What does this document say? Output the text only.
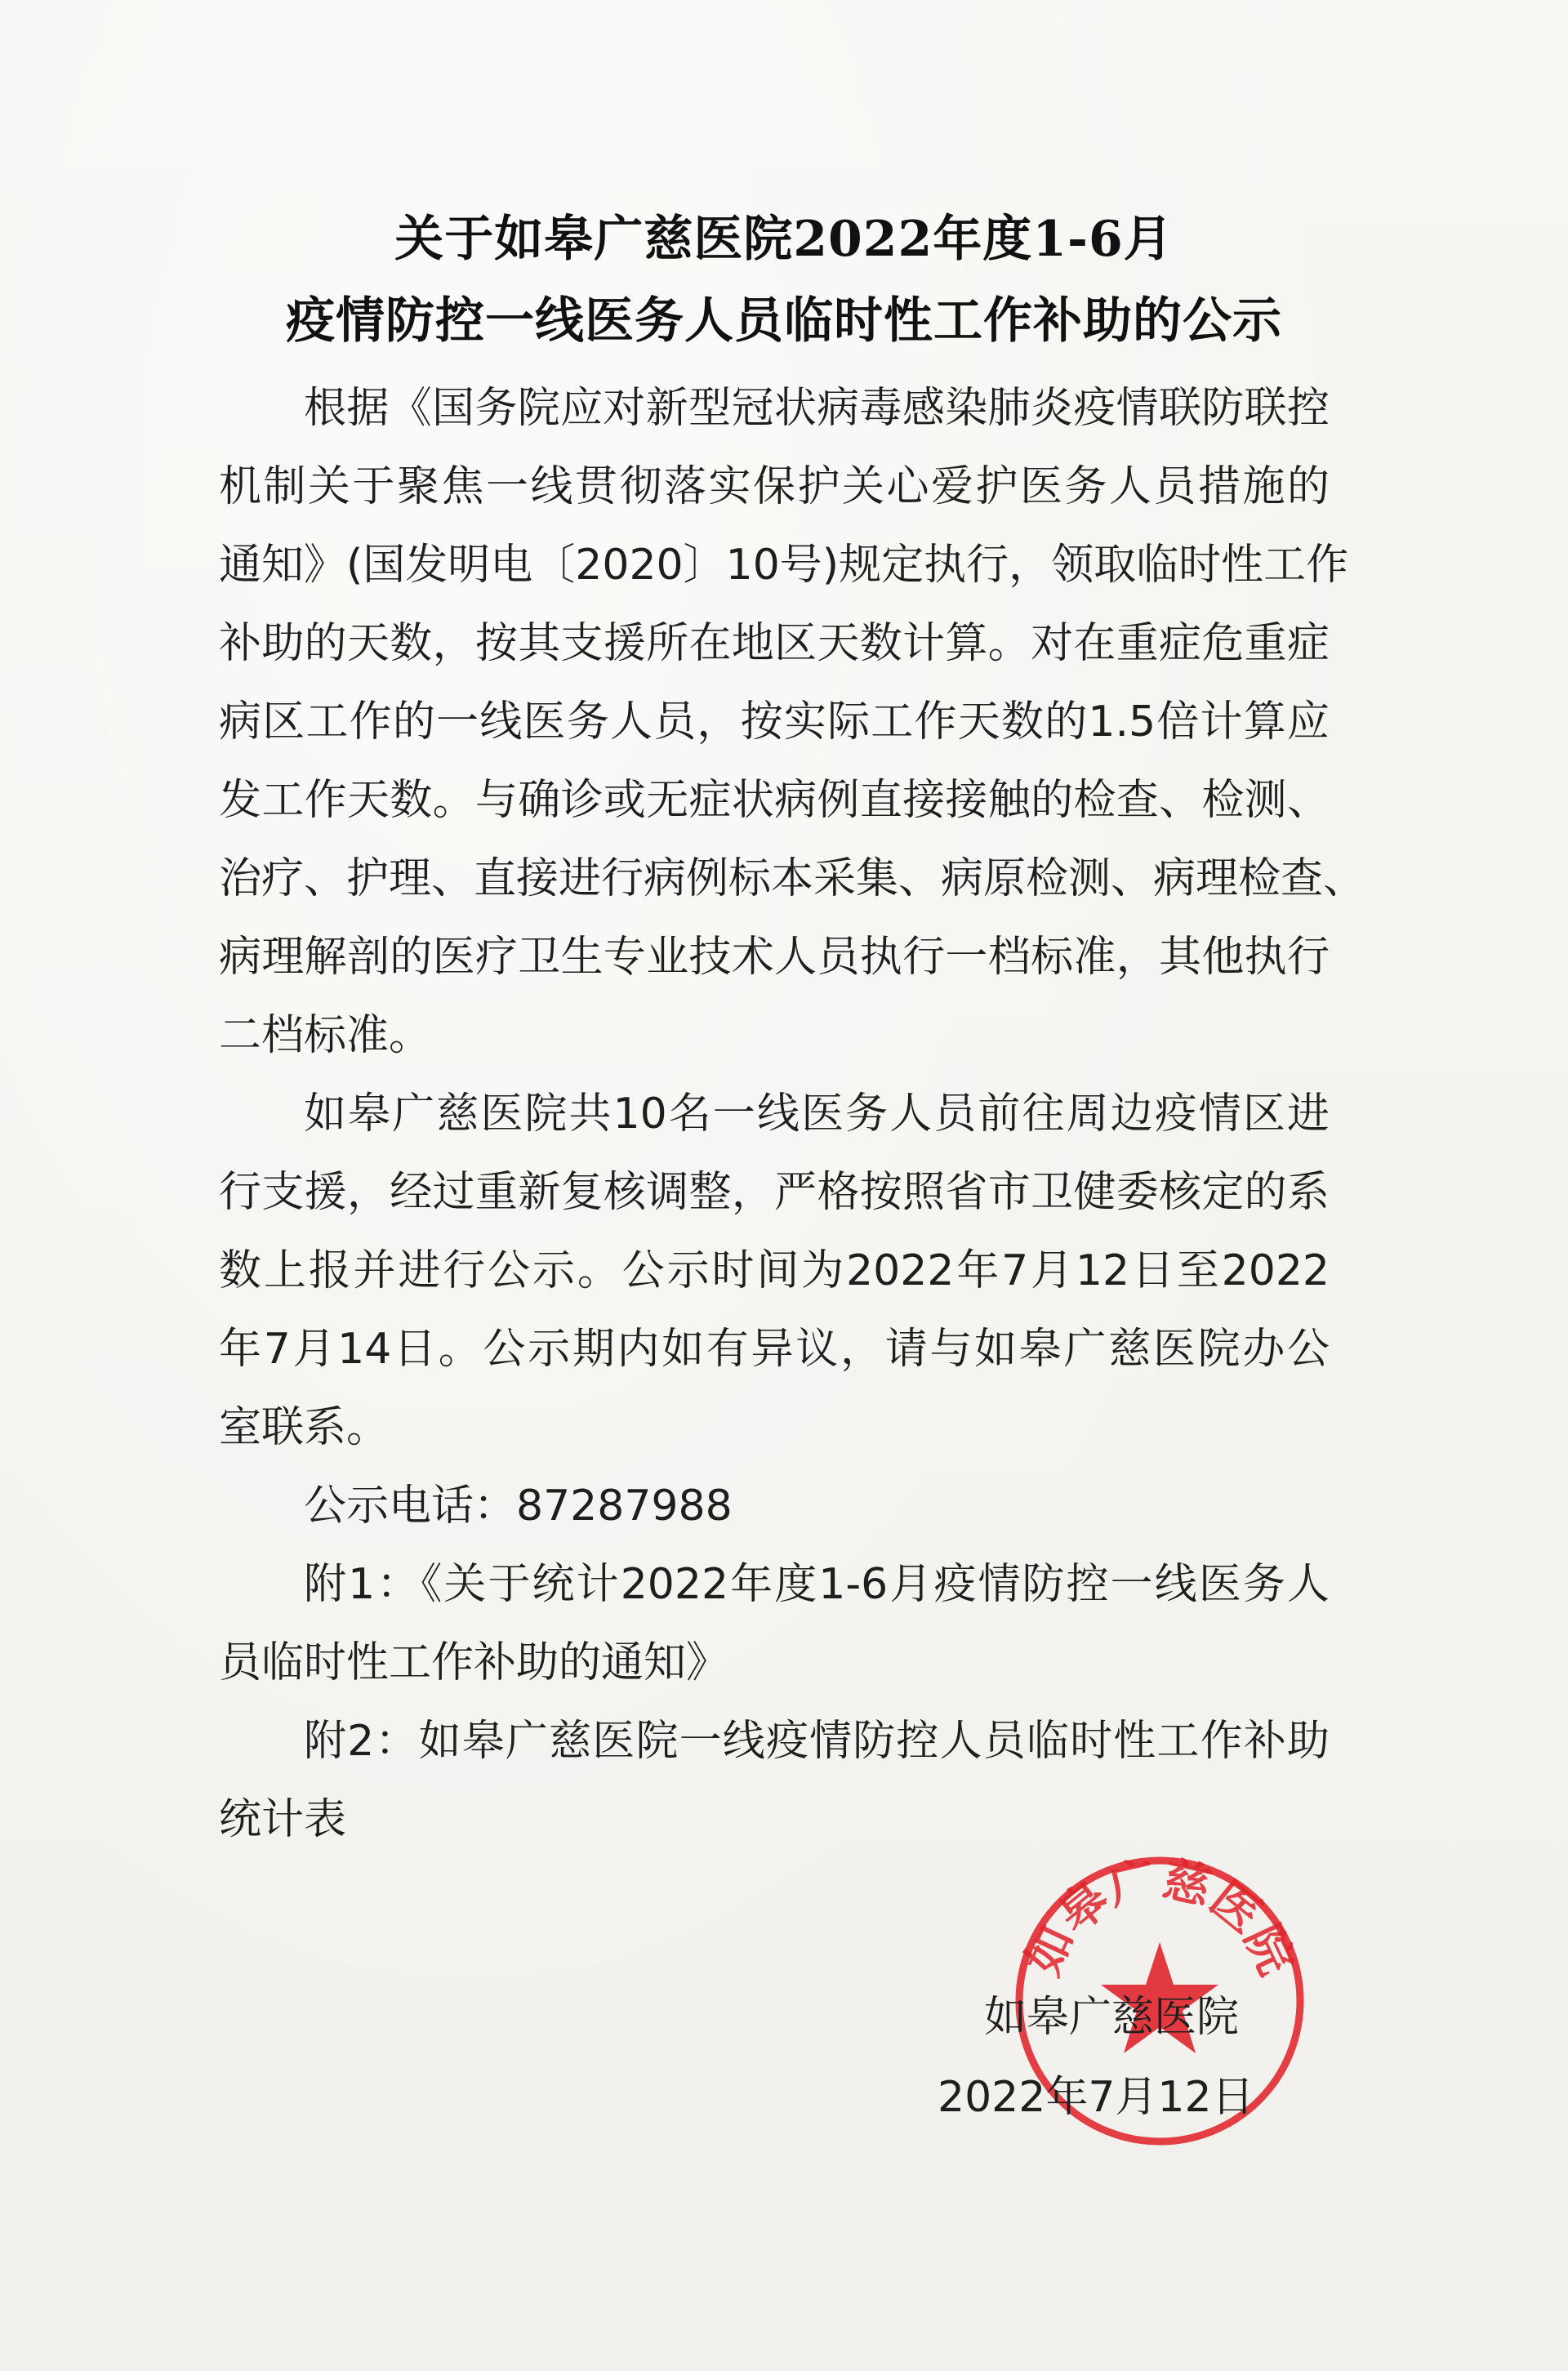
关于如皋广慈医院2022年度1-6月
疫情防控一线医务人员临时性工作补助的公示
根据《国务院应对新型冠状病毒感染肺炎疫情联防联控
机制关于聚焦一线贯彻落实保护关心爱护医务人员措施的
通知》(国发明电〔2020〕10号)规定执行，领取临时性工作
补助的天数，按其支援所在地区天数计算。对在重症危重症
病区工作的一线医务人员，按实际工作天数的1.5倍计算应
发工作天数。与确诊或无症状病例直接接触的检查、检测、
治疗、护理、直接进行病例标本采集、病原检测、病理检查、
病理解剖的医疗卫生专业技术人员执行一档标准，其他执行
二档标准。
如皋广慈医院共10名一线医务人员前往周边疫情区进
行支援，经过重新复核调整，严格按照省市卫健委核定的系
数上报并进行公示。公示时间为2022年7月12日至2022
年7月14日。公示期内如有异议，请与如皋广慈医院办公
室联系。
公示电话：87287988
附1：《关于统计2022年度1-6月疫情防控一线医务人
员临时性工作补助的通知》
附2：如皋广慈医院一线疫情防控人员临时性工作补助
统计表
如皋广慈医院
如皋广慈医院
2022年7月12日
